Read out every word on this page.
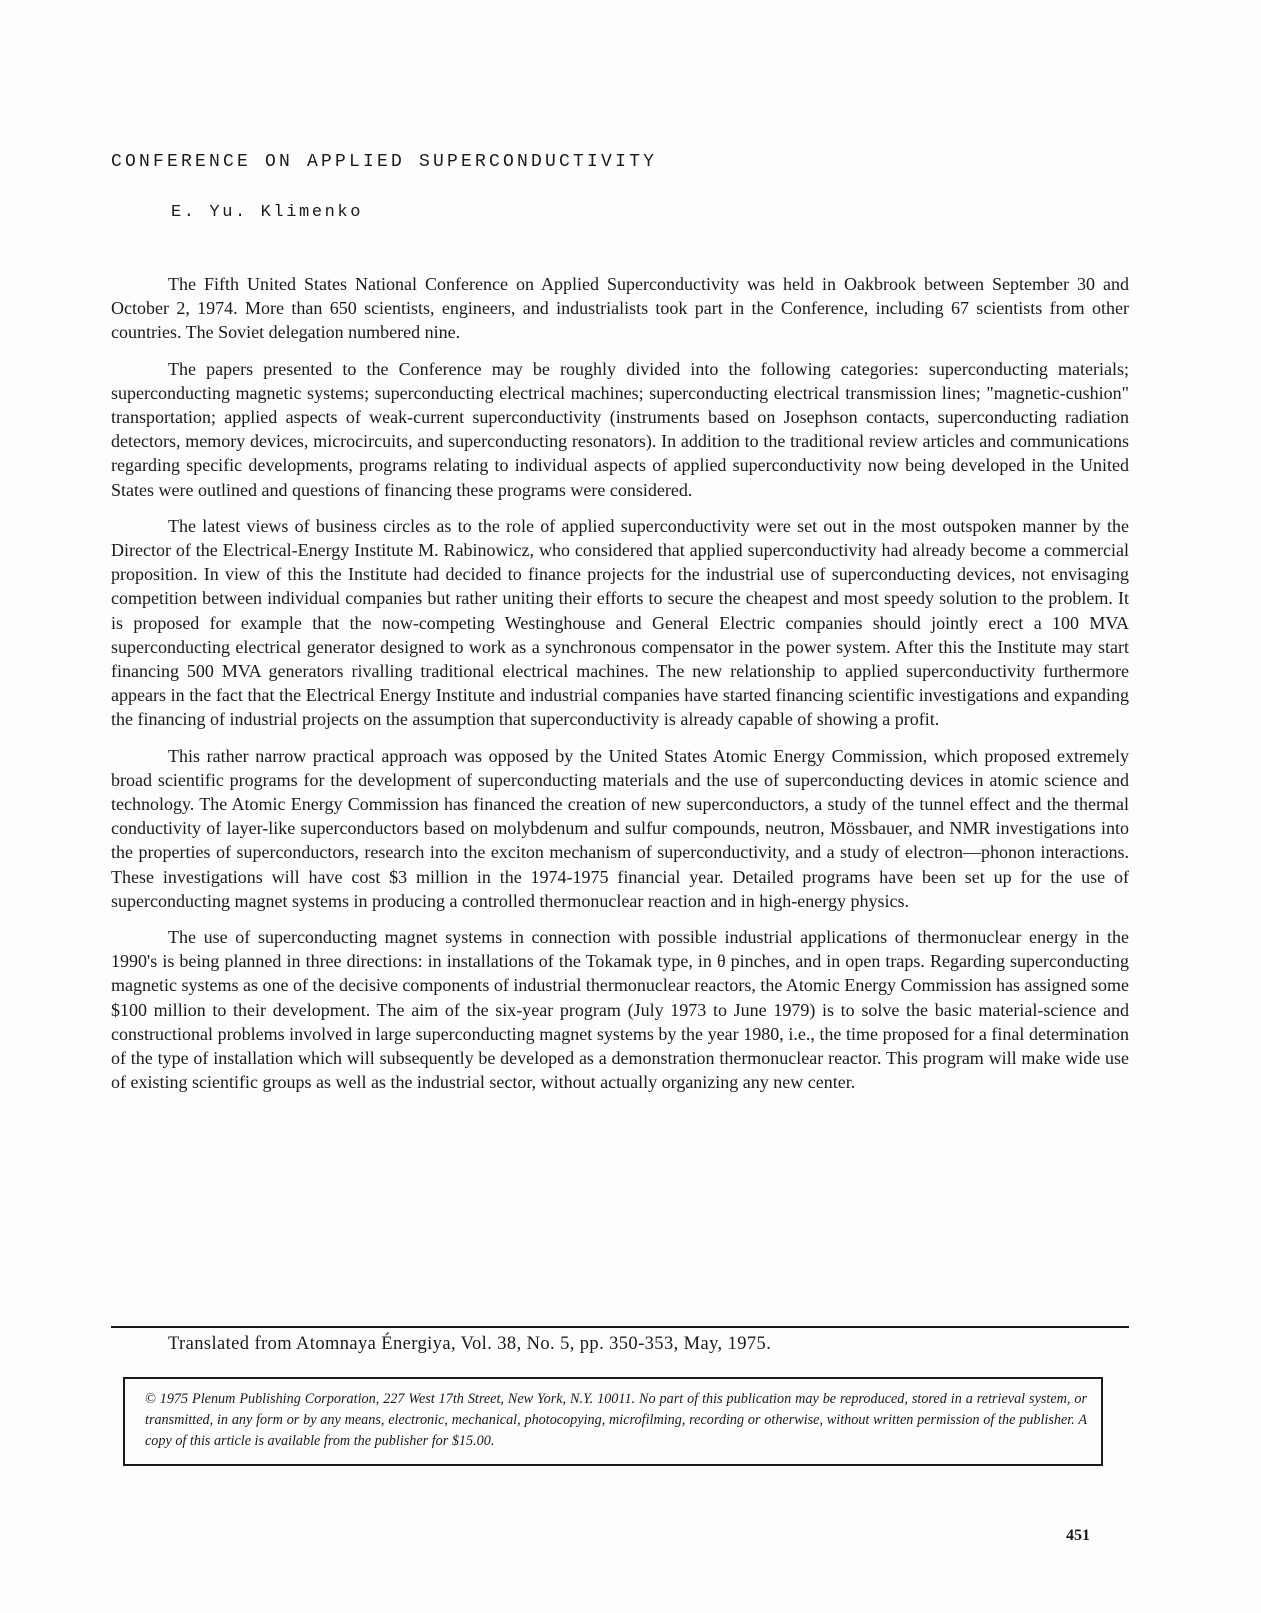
CONFERENCE ON APPLIED SUPERCONDUCTIVITY
E. Yu. Klimenko

The Fifth United States National Conference on Applied Superconductivity was held in Oakbrook between September 30 and October 2, 1974. More than 650 scientists, engineers, and industrialists took part in the Conference, including 67 scientists from other countries. The Soviet delegation numbered nine.

The papers presented to the Conference may be roughly divided into the following categories: superconducting materials; superconducting magnetic systems; superconducting electrical machines; superconducting electrical transmission lines; "magnetic-cushion" transportation; applied aspects of weak-current superconductivity (instruments based on Josephson contacts, superconducting radiation detectors, memory devices, microcircuits, and superconducting resonators). In addition to the traditional review articles and communications regarding specific developments, programs relating to individual aspects of applied superconductivity now being developed in the United States were outlined and questions of financing these programs were considered.

The latest views of business circles as to the role of applied superconductivity were set out in the most outspoken manner by the Director of the Electrical-Energy Institute M. Rabinowicz, who considered that applied superconductivity had already become a commercial proposition. In view of this the Institute had decided to finance projects for the industrial use of superconducting devices, not envisaging competition between individual companies but rather uniting their efforts to secure the cheapest and most speedy solution to the problem. It is proposed for example that the now-competing Westinghouse and General Electric companies should jointly erect a 100 MVA superconducting electrical generator designed to work as a synchronous compensator in the power system. After this the Institute may start financing 500 MVA generators rivalling traditional electrical machines. The new relationship to applied superconductivity furthermore appears in the fact that the Electrical Energy Institute and industrial companies have started financing scientific investigations and expanding the financing of industrial projects on the assumption that superconductivity is already capable of showing a profit.

This rather narrow practical approach was opposed by the United States Atomic Energy Commission, which proposed extremely broad scientific programs for the development of superconducting materials and the use of superconducting devices in atomic science and technology. The Atomic Energy Commission has financed the creation of new superconductors, a study of the tunnel effect and the thermal conductivity of layer-like superconductors based on molybdenum and sulfur compounds, neutron, Mössbauer, and NMR investigations into the properties of superconductors, research into the exciton mechanism of superconductivity, and a study of electron—phonon interactions. These investigations will have cost $3 million in the 1974-1975 financial year. Detailed programs have been set up for the use of superconducting magnet systems in producing a controlled thermonuclear reaction and in high-energy physics.

The use of superconducting magnet systems in connection with possible industrial applications of thermonuclear energy in the 1990's is being planned in three directions: in installations of the Tokamak type, in θ pinches, and in open traps. Regarding superconducting magnetic systems as one of the decisive components of industrial thermonuclear reactors, the Atomic Energy Commission has assigned some $100 million to their development. The aim of the six-year program (July 1973 to June 1979) is to solve the basic material-science and constructional problems involved in large superconducting magnet systems by the year 1980, i.e., the time proposed for a final determination of the type of installation which will subsequently be developed as a demonstration thermonuclear reactor. This program will make wide use of existing scientific groups as well as the industrial sector, without actually organizing any new center.

Translated from Atomnaya Énergiya, Vol. 38, No. 5, pp. 350-353, May, 1975.
© 1975 Plenum Publishing Corporation, 227 West 17th Street, New York, N.Y. 10011. No part of this publication may be reproduced, stored in a retrieval system, or transmitted, in any form or by any means, electronic, mechanical, photocopying, microfilming, recording or otherwise, without written permission of the publisher. A copy of this article is available from the publisher for $15.00.
451
